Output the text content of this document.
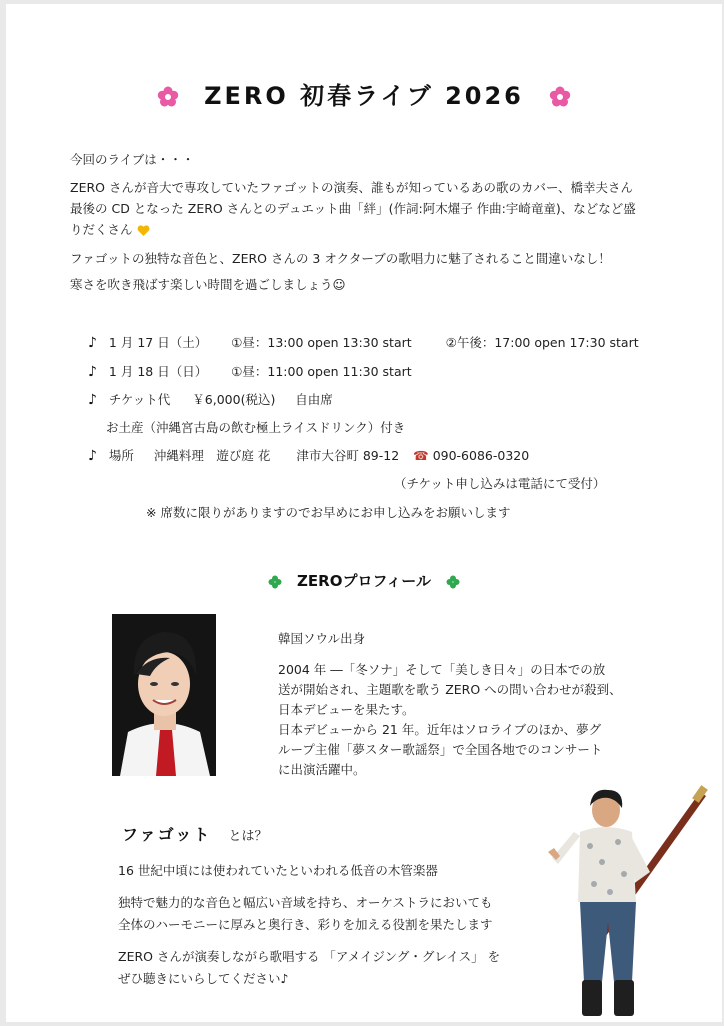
ZERO 初春ライブ 2026
今回のライブは・・・
ZERO さんが音大で専攻していたファゴットの演奏、誰もが知っているあの歌のカバー、橋幸夫さん
最後の CD となった ZERO さんとのデュエット曲「絆」(作詞:阿木燿子 作曲:宇崎竜童)、などなど盛
りだくさん
ファゴットの独特な音色と、ZERO さんの 3 オクターブの歌唱力に魅了されること間違いなし！
寒さを吹き飛ばす楽しい時間を過ごしましょう☺
♪ 1 月 17 日（土） ①昼：13:00 open 13:30 start	②午後：17:00 open 17:30 start
♪ 1 月 18 日（日） ①昼：11:00 open 11:30 start
♪ チケット代 ￥6,000(税込) 自由席
お土産（沖縄宮古島の飲む極上ライスドリンク）付き
♪ 場所 沖縄料理　遊び庭 花 津市大谷町 89-12 ☎ 090-6086-0320
（チケット申し込みは電話にて受付）
※ 席数に限りがありますのでお早めにお申し込みをお願いします
ZEROプロフィール
韓国ソウル出身
2004 年 ―「冬ソナ」そして「美しき日々」の日本での放
送が開始され、主題歌を歌う ZERO への問い合わせが殺到、
日本デビューを果たす。
日本デビューから 21 年。近年はソロライブのほか、夢グ
ループ主催「夢スター歌謡祭」で全国各地でのコンサート
に出演活躍中。
ファゴット とは？
16 世紀中頃には使われていたといわれる低音の木管楽器
独特で魅力的な音色と幅広い音域を持ち、オーケストラにおいても
全体のハーモニーに厚みと奥行き、彩りを加える役割を果たします
ZERO さんが演奏しながら歌唱する 「アメイジング・グレイス」 を
ぜひ聴きにいらしてください♪
